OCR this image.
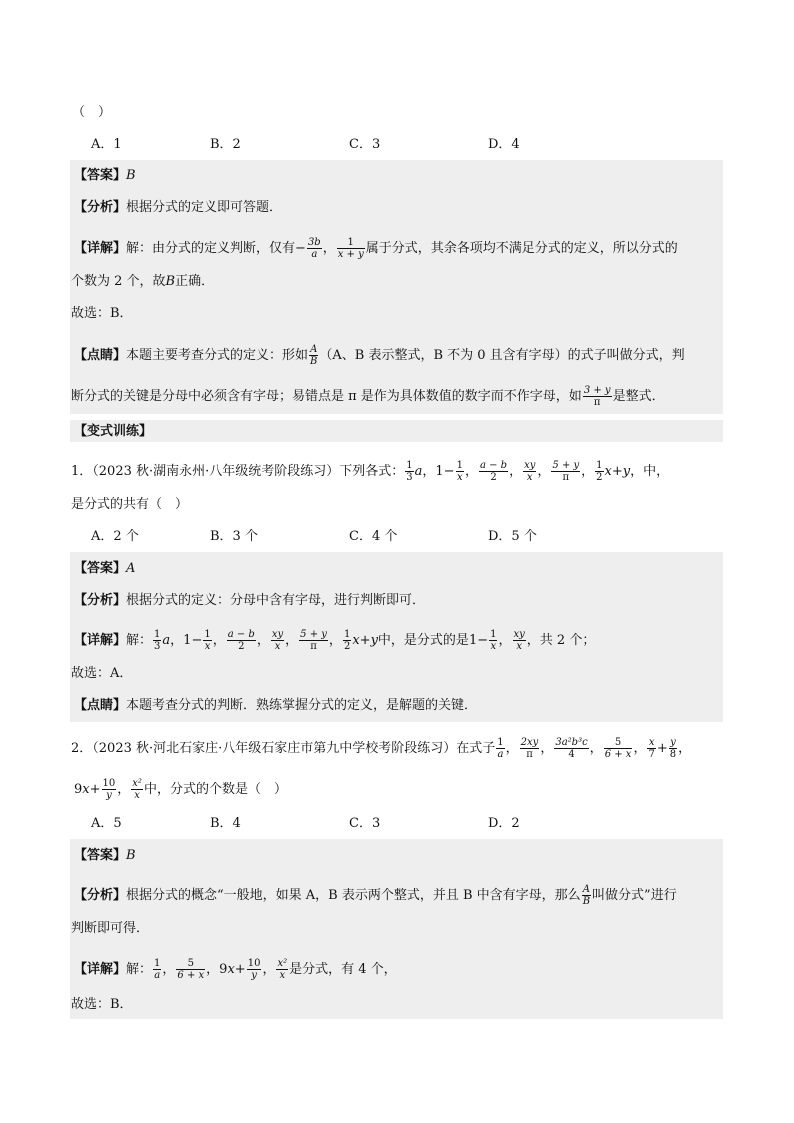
（　）
A．1	B．2	C．3	D．4
【答案】B
【分析】根据分式的定义即可答题．
【详解】解：由分式的定义判断，仅有− $\frac{3b}{a}$ ， $\frac{1}{x + y}$ 属于分式，其余各项均不满足分式的定义，所以分式的
个数为 2 个，故B正确．
故选：B．
【点睛】本题主要考查分式的定义：形如 $\frac{A}{B} (A$、B 表示整式，B 不为 0 且含有字母）的式子叫做分式，判
断分式的关键是分母中必须含有字母；易错点是 π 是作为具体数值的数字而不作字母，如 $\frac{3 + y}{\pi}$ 是整式．
【变式训练】
1．（2023 秋·湖南永州·八年级统考阶段练习）下列各式： $\frac{1}{3}$ a，$1- \frac{1}{x}$ ， $\frac{a - b}{2}$ ， $\frac{xy}{x}$ ， $\frac{5 + y}{\pi}$ ， $\frac{1}{2} x+y$，中，
是分式的共有（　）
A．2 个	B．3 个	C．4 个	D．5 个
【答案】A
【分析】根据分式的定义：分母中含有字母，进行判断即可．
【详解】解： $\frac{1}{3}$ a，$1- \frac{1}{x}$ ， $\frac{a - b}{2}$ ， $\frac{xy}{x}$ ， $\frac{5 + y}{\pi}$ ， $\frac{1}{2} x+y$中，是分式的是$1- \frac{1}{x}$ ， $\frac{xy}{x}$ ，共 2 个；
故选：A．
【点睛】本题考查分式的判断．熟练掌握分式的定义，是解题的关键．
2．（2023 秋·河北石家庄·八年级石家庄市第九中学校考阶段练习）在式子 $\frac{1}{a}$ ， $\frac{2xy}{\pi}$ ， $\frac{\text{3a²b³c}}{4}$ ， $\frac{5}{6 + x}$ ， $\frac{x}{7} + \frac{y}{8}$ ，
$9x+ \frac{10}{y}$ ， $\frac{\text{x²}}{x}$ 中，分式的个数是（　）
A．5	B．4	C．3	D．2
【答案】B
【分析】根据分式的概念“一般地，如果 A，B 表示两个整式，并且 B 中含有字母，那么 $\frac{A}{B}$ 叫做分式”进行
判断即可得．
【详解】解： $\frac{1}{a}$ ， $\frac{5}{6 + x}$ ，$9x+ \frac{10}{y}$ ， $\frac{\text{x²}}{x}$ 是分式，有 4 个，
故选：B．
